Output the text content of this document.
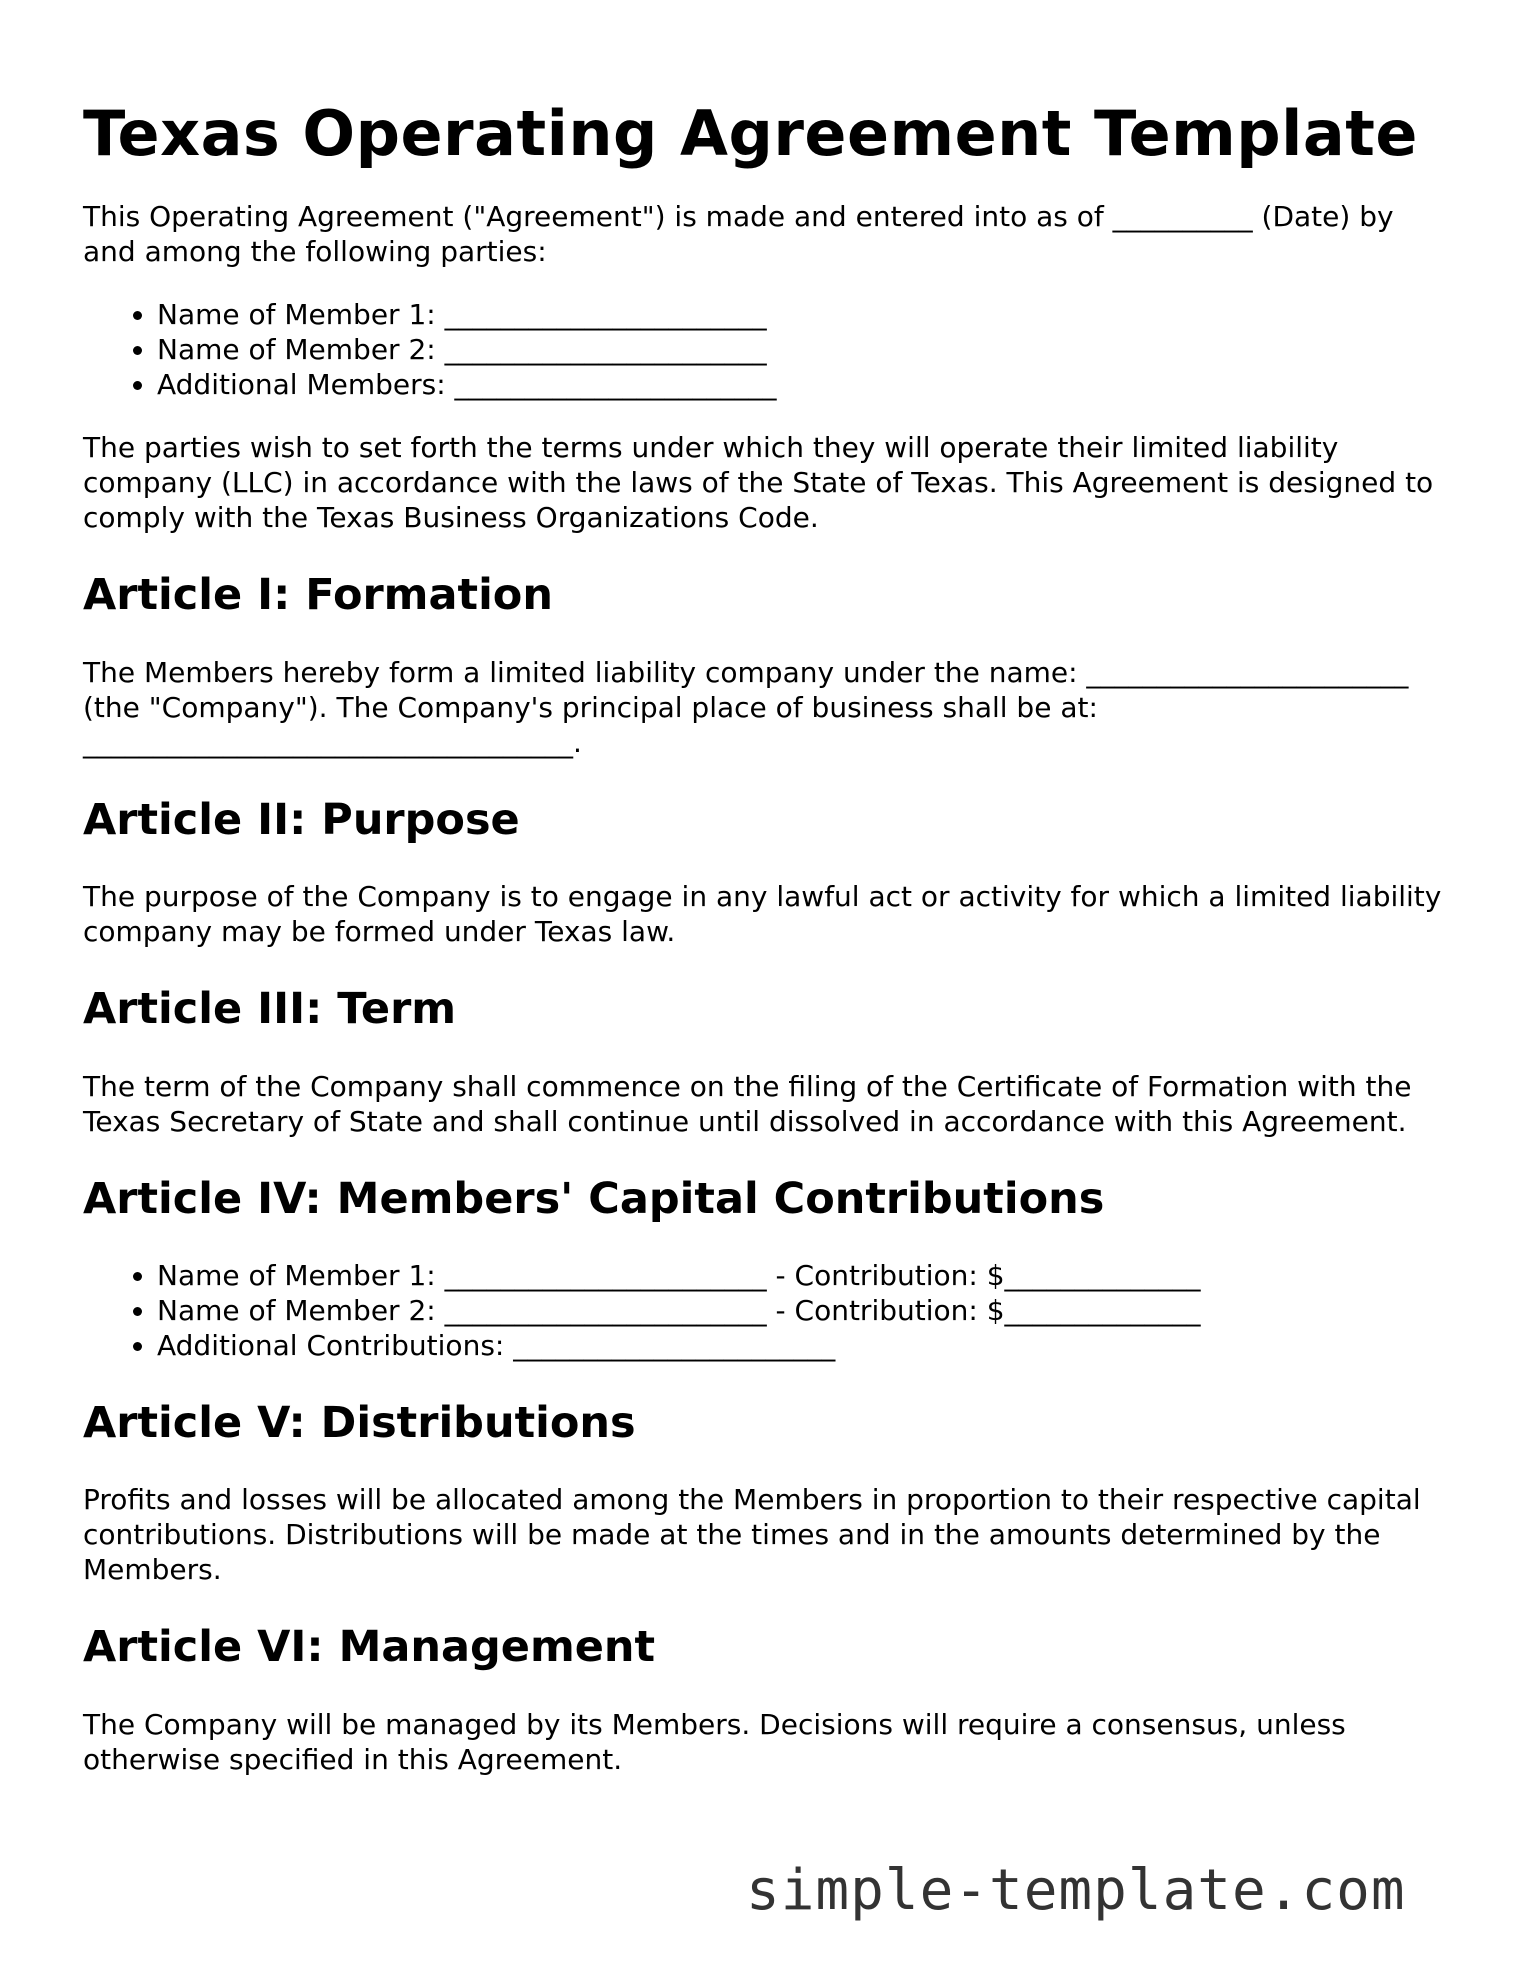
Texas Operating Agreement Template

This Operating Agreement ("Agreement") is made and entered into as of __________ (Date) by and among the following parties:

• Name of Member 1: _______________________
• Name of Member 2: _______________________
• Additional Members: _______________________

The parties wish to set forth the terms under which they will operate their limited liability company (LLC) in accordance with the laws of the State of Texas. This Agreement is designed to comply with the Texas Business Organizations Code.

Article I: Formation

The Members hereby form a limited liability company under the name: _______________________ (the "Company"). The Company's principal place of business shall be at: ___________________________________.

Article II: Purpose

The purpose of the Company is to engage in any lawful act or activity for which a limited liability company may be formed under Texas law.

Article III: Term

The term of the Company shall commence on the filing of the Certificate of Formation with the Texas Secretary of State and shall continue until dissolved in accordance with this Agreement.

Article IV: Members' Capital Contributions
• Name of Member 1: _______________________ - Contribution: $______________
• Name of Member 2: _______________________ - Contribution: $______________
• Additional Contributions: _______________________
Article V: Distributions

Profits and losses will be allocated among the Members in proportion to their respective capital contributions. Distributions will be made at the times and in the amounts determined by the Members.

Article VI: Management

The Company will be managed by its Members. Decisions will require a consensus, unless otherwise specified in this Agreement.

simple-template.com
